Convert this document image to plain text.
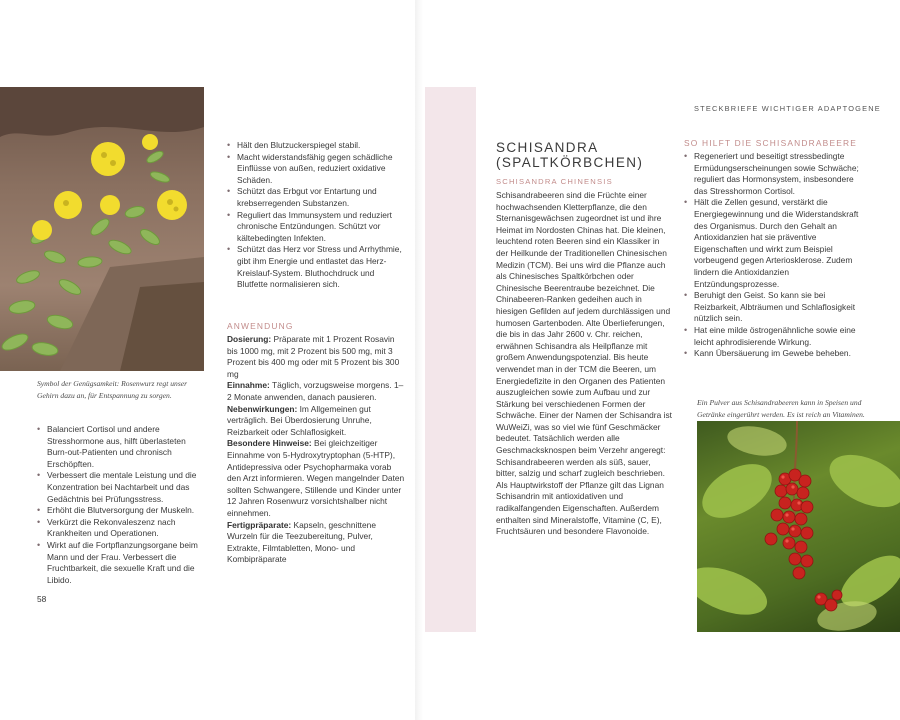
Symbol der Genügsamkeit: Rosenwurz regt unser Gehirn dazu an, für Entspannung zu sorgen.
• Balanciert Cortisol und andere Stresshormone aus, hilft überlasteten Burn-out-Patienten und chronisch Erschöpften.
• Verbessert die mentale Leistung und die Konzentration bei Nachtarbeit und das Gedächtnis bei Prüfungsstress.
• Erhöht die Blutversorgung der Muskeln.
• Verkürzt die Rekonvaleszenz nach Krankheiten und Operationen.
• Wirkt auf die Fortpflanzungsorgane beim Mann und der Frau. Verbessert die Fruchtbarkeit, die sexuelle Kraft und die Libido.
58
• Hält den Blutzuckerspiegel stabil.
• Macht widerstandsfähig gegen schädliche Einflüsse von außen, reduziert oxidative Schäden.
• Schützt das Erbgut vor Entartung und krebserregenden Substanzen.
• Reguliert das Immunsystem und reduziert chronische Entzündungen. Schützt vor kältebedingten Infekten.
• Schützt das Herz vor Stress und Arrhythmie, gibt ihm Energie und entlastet das Herz-Kreislauf-System. Bluthochdruck und Blutfette normalisieren sich.
ANWENDUNG
Dosierung: Präparate mit 1 Prozent Rosavin bis 1000 mg, mit 2 Prozent bis 500 mg, mit 3 Prozent bis 400 mg oder mit 5 Prozent bis 300 mg
Einnahme: Täglich, vorzugsweise morgens. 1–2 Monate anwenden, danach pausieren.
Nebenwirkungen: Im Allgemeinen gut verträglich. Bei Überdosierung Unruhe, Reizbarkeit oder Schlaflosigkeit.
Besondere Hinweise: Bei gleichzeitiger Einnahme von 5-Hydroxytryptophan (5-HTP), Antidepressiva oder Psychopharmaka vorab den Arzt informieren. Wegen mangelnder Daten sollten Schwangere, Stillende und Kinder unter 12 Jahren Rosenwurz vorsichtshalber nicht einnehmen.
Fertigpräparate: Kapseln, geschnittene Wurzeln für die Teezubereitung, Pulver, Extrakte, Filmtabletten, Mono- und Kombipräparate
STECKBRIEFE WICHTIGER ADAPTOGENE
SCHISANDRA
(SPALTKÖRBCHEN)
SCHISANDRA CHINENSIS
Schisandrabeeren sind die Früchte einer hochwachsenden Kletterpflanze, die den Sternanisgewächsen zugeordnet ist und ihre Heimat im Nordosten Chinas hat. Die kleinen, leuchtend roten Beeren sind ein Klassiker in der Heilkunde der Traditionellen Chinesischen Medizin (TCM). Bei uns wird die Pflanze auch als Chinesisches Spaltkörbchen oder Chinesische Beerentraube bezeichnet. Die Chinabeeren-Ranken gedeihen auch in hiesigen Gefilden auf jedem durchlässigen und humosen Gartenboden. Alte Überlieferungen, die bis in das Jahr 2600 v. Chr. reichen, erwähnen Schisandra als Heilpflanze mit großem Anwendungspotenzial. Bis heute verwendet man in der TCM die Beeren, um Energiedefizite in den Organen des Patienten auszugleichen sowie zum Aufbau und zur Stärkung bei verschiedenen Formen der Schwäche. Einer der Namen der Schisandra ist WuWeiZi, was so viel wie fünf Geschmäcker bedeutet. Tatsächlich werden alle Geschmacksknospen beim Verzehr angeregt: Schisandrabeeren werden als süß, sauer, bitter, salzig und scharf zugleich beschrieben. Als Hauptwirkstoff der Pflanze gilt das Lignan Schisandrin mit antioxidativen und radikalfangenden Eigenschaften. Außerdem enthalten sind Mineralstoffe, Vitamine (C, E), Fruchtsäuren und besondere Flavonoide.
SO HILFT DIE SCHISANDRABEERE
• Regeneriert und beseitigt stressbedingte Ermüdungserscheinungen sowie Schwäche; reguliert das Hormonsystem, insbesondere das Stresshormon Cortisol.
• Hält die Zellen gesund, verstärkt die Energiegewinnung und die Widerstandskraft des Organismus. Durch den Gehalt an Antioxidanzien hat sie präventive Eigenschaften und wirkt zum Beispiel vorbeugend gegen Arteriosklerose. Zudem lindern die Antioxidanzien Entzündungsprozesse.
• Beruhigt den Geist. So kann sie bei Reizbarkeit, Albträumen und Schlaflosigkeit nützlich sein.
• Hat eine milde östrogenähnliche sowie eine leicht aphrodisierende Wirkung.
• Kann Übersäuerung im Gewebe beheben.
Ein Pulver aus Schisandrabeeren kann in Speisen und Getränke eingerührt werden. Es ist reich an Vitaminen.
